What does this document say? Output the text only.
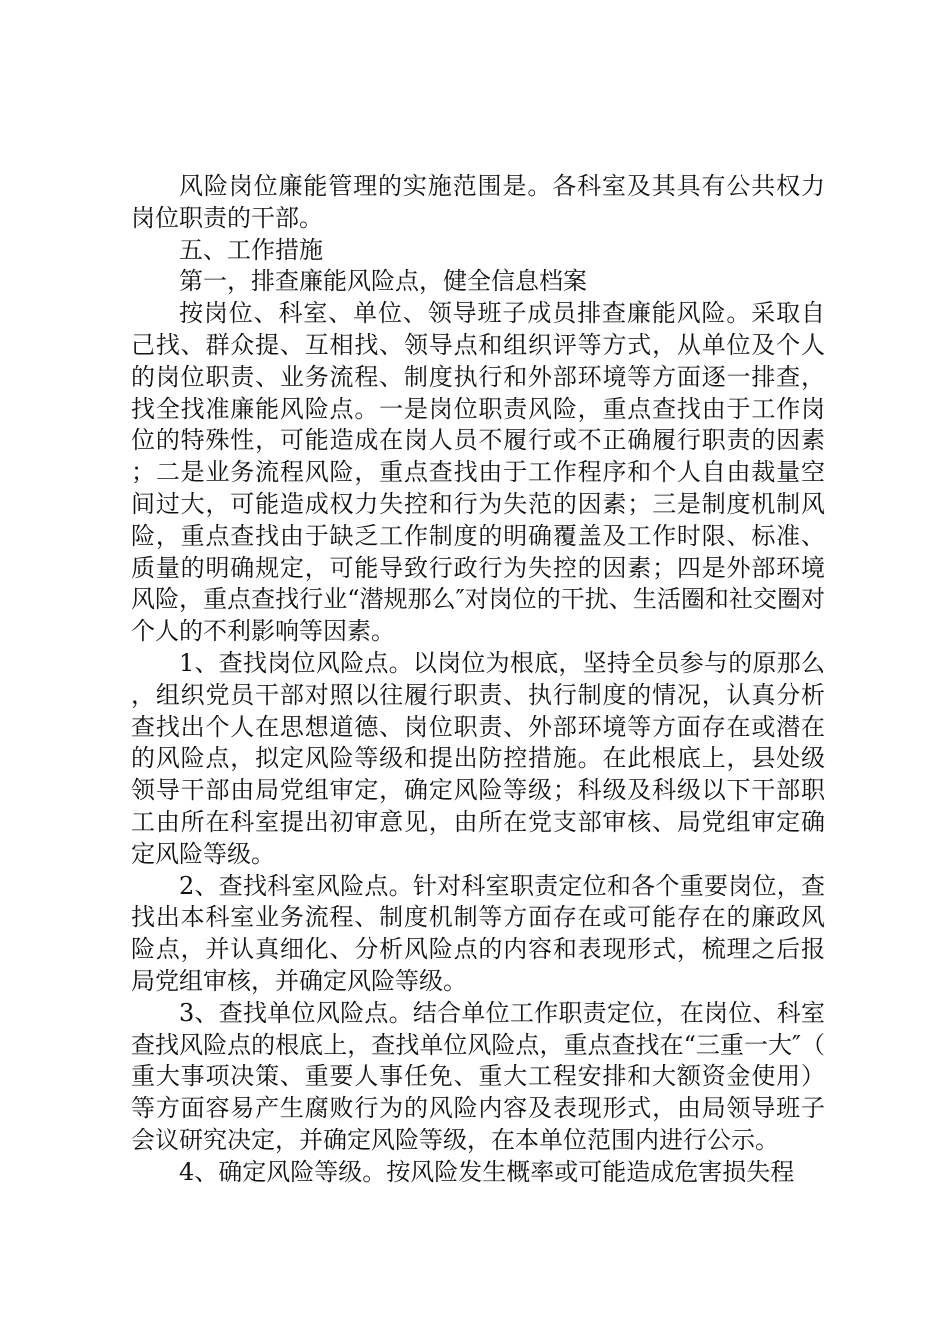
风险岗位廉能管理的实施范围是。各科室及其具有公共权力岗位职责的干部。

五、工作措施

第一，排查廉能风险点，健全信息档案

按岗位、科室、单位、领导班子成员排查廉能风险。采取自己找、群众提、互相找、领导点和组织评等方式，从单位及个人的岗位职责、业务流程、制度执行和外部环境等方面逐一排查，找全找准廉能风险点。一是岗位职责风险，重点查找由于工作岗位的特殊性，可能造成在岗人员不履行或不正确履行职责的因素；二是业务流程风险，重点查找由于工作程序和个人自由裁量空间过大，可能造成权力失控和行为失范的因素；三是制度机制风险，重点查找由于缺乏工作制度的明确覆盖及工作时限、标准、质量的明确规定，可能导致行政行为失控的因素；四是外部环境风险，重点查找行业“潜规那么″对岗位的干扰、生活圈和社交圈对个人的不利影响等因素。

1、查找岗位风险点。以岗位为根底，坚持全员参与的原那么，组织党员干部对照以往履行职责、执行制度的情况，认真分析查找出个人在思想道德、岗位职责、外部环境等方面存在或潜在的风险点，拟定风险等级和提出防控措施。在此根底上，县处级领导干部由局党组审定，确定风险等级；科级及科级以下干部职工由所在科室提出初审意见，由所在党支部审核、局党组审定确定风险等级。

2、查找科室风险点。针对科室职责定位和各个重要岗位，查找出本科室业务流程、制度机制等方面存在或可能存在的廉政风险点，并认真细化、分析风险点的内容和表现形式，梳理之后报局党组审核，并确定风险等级。

3、查找单位风险点。结合单位工作职责定位，在岗位、科室查找风险点的根底上，查找单位风险点，重点查找在“三重一大″（重大事项决策、重要人事任免、重大工程安排和大额资金使用）等方面容易产生腐败行为的风险内容及表现形式，由局领导班子会议研究决定，并确定风险等级，在本单位范围内进行公示。

4、确定风险等级。按风险发生概率或可能造成危害损失程
